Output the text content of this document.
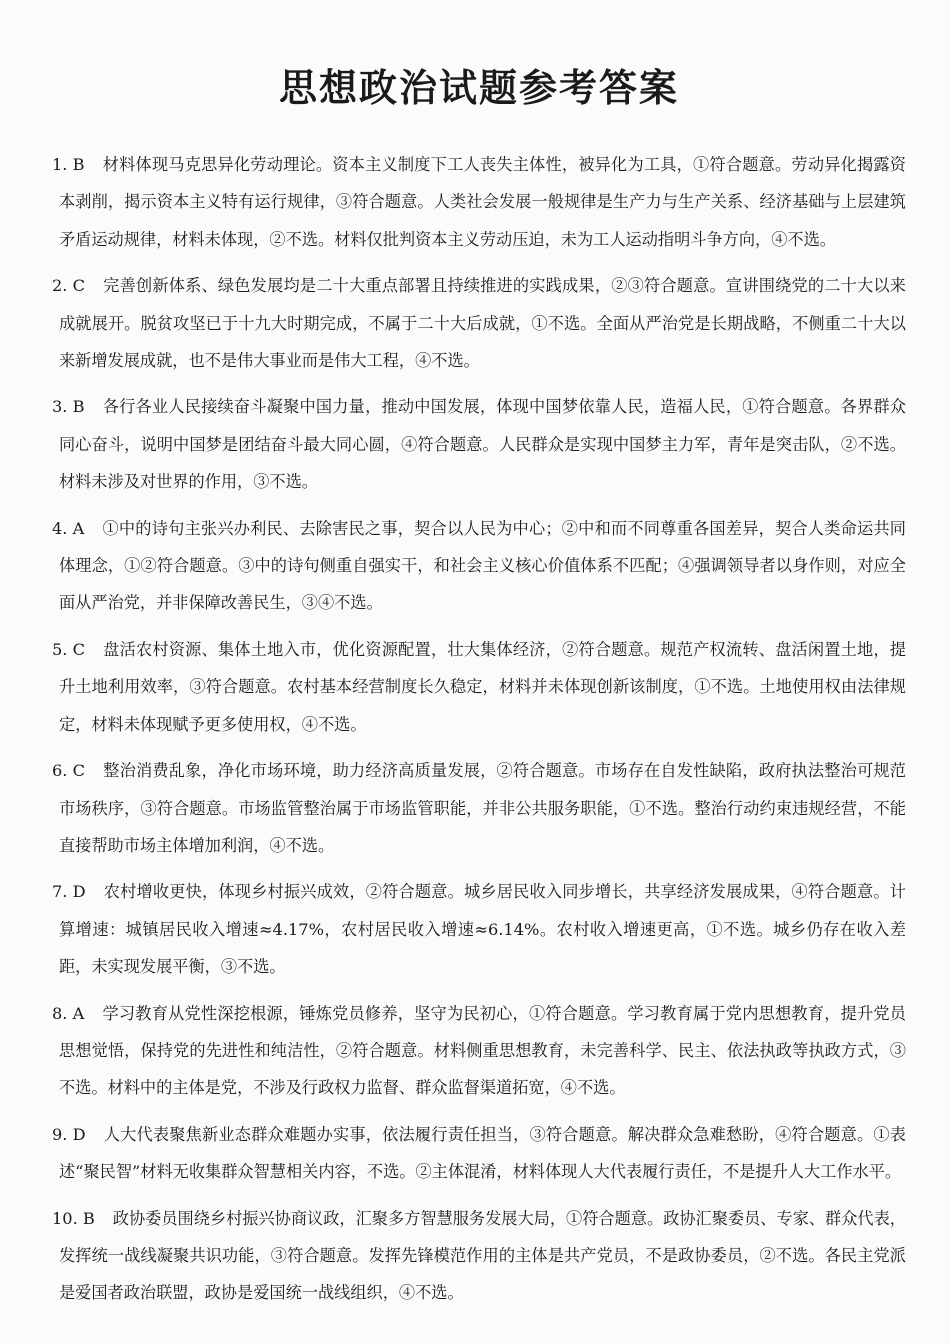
思想政治试题参考答案
1. B 材料体现马克思异化劳动理论。资本主义制度下工人丧失主体性，被异化为工具，①符合题意。劳动异化揭露资本剥削，揭示资本主义特有运行规律，③符合题意。人类社会发展一般规律是生产力与生产关系、经济基础与上层建筑矛盾运动规律，材料未体现，②不选。材料仅批判资本主义劳动压迫，未为工人运动指明斗争方向，④不选。
2. C 完善创新体系、绿色发展均是二十大重点部署且持续推进的实践成果，②③符合题意。宣讲围绕党的二十大以来成就展开。脱贫攻坚已于十九大时期完成，不属于二十大后成就，①不选。全面从严治党是长期战略，不侧重二十大以来新增发展成就，也不是伟大事业而是伟大工程，④不选。
3. B 各行各业人民接续奋斗凝聚中国力量，推动中国发展，体现中国梦依靠人民，造福人民，①符合题意。各界群众同心奋斗，说明中国梦是团结奋斗最大同心圆，④符合题意。人民群众是实现中国梦主力军，青年是突击队，②不选。材料未涉及对世界的作用，③不选。
4. A ①中的诗句主张兴办利民、去除害民之事，契合以人民为中心；②中和而不同尊重各国差异，契合人类命运共同体理念，①②符合题意。③中的诗句侧重自强实干，和社会主义核心价值体系不匹配；④强调领导者以身作则，对应全面从严治党，并非保障改善民生，③④不选。
5. C 盘活农村资源、集体土地入市，优化资源配置，壮大集体经济，②符合题意。规范产权流转、盘活闲置土地，提升土地利用效率，③符合题意。农村基本经营制度长久稳定，材料并未体现创新该制度，①不选。土地使用权由法律规定，材料未体现赋予更多使用权，④不选。
6. C 整治消费乱象，净化市场环境，助力经济高质量发展，②符合题意。市场存在自发性缺陷，政府执法整治可规范市场秩序，③符合题意。市场监管整治属于市场监管职能，并非公共服务职能，①不选。整治行动约束违规经营，不能直接帮助市场主体增加利润，④不选。
7. D 农村增收更快，体现乡村振兴成效，②符合题意。城乡居民收入同步增长，共享经济发展成果，④符合题意。计算增速：城镇居民收入增速≈4.17%，农村居民收入增速≈6.14%。农村收入增速更高，①不选。城乡仍存在收入差距，未实现发展平衡，③不选。
8. A 学习教育从党性深挖根源，锤炼党员修养，坚守为民初心，①符合题意。学习教育属于党内思想教育，提升党员思想觉悟，保持党的先进性和纯洁性，②符合题意。材料侧重思想教育，未完善科学、民主、依法执政等执政方式，③不选。材料中的主体是党，不涉及行政权力监督、群众监督渠道拓宽，④不选。
9. D 人大代表聚焦新业态群众难题办实事，依法履行责任担当，③符合题意。解决群众急难愁盼，④符合题意。①表述“聚民智”材料无收集群众智慧相关内容，不选。②主体混淆，材料体现人大代表履行责任，不是提升人大工作水平。
10. B 政协委员围绕乡村振兴协商议政，汇聚多方智慧服务发展大局，①符合题意。政协汇聚委员、专家、群众代表，发挥统一战线凝聚共识功能，③符合题意。发挥先锋模范作用的主体是共产党员，不是政协委员，②不选。各民主党派是爱国者政治联盟，政协是爱国统一战线组织，④不选。
